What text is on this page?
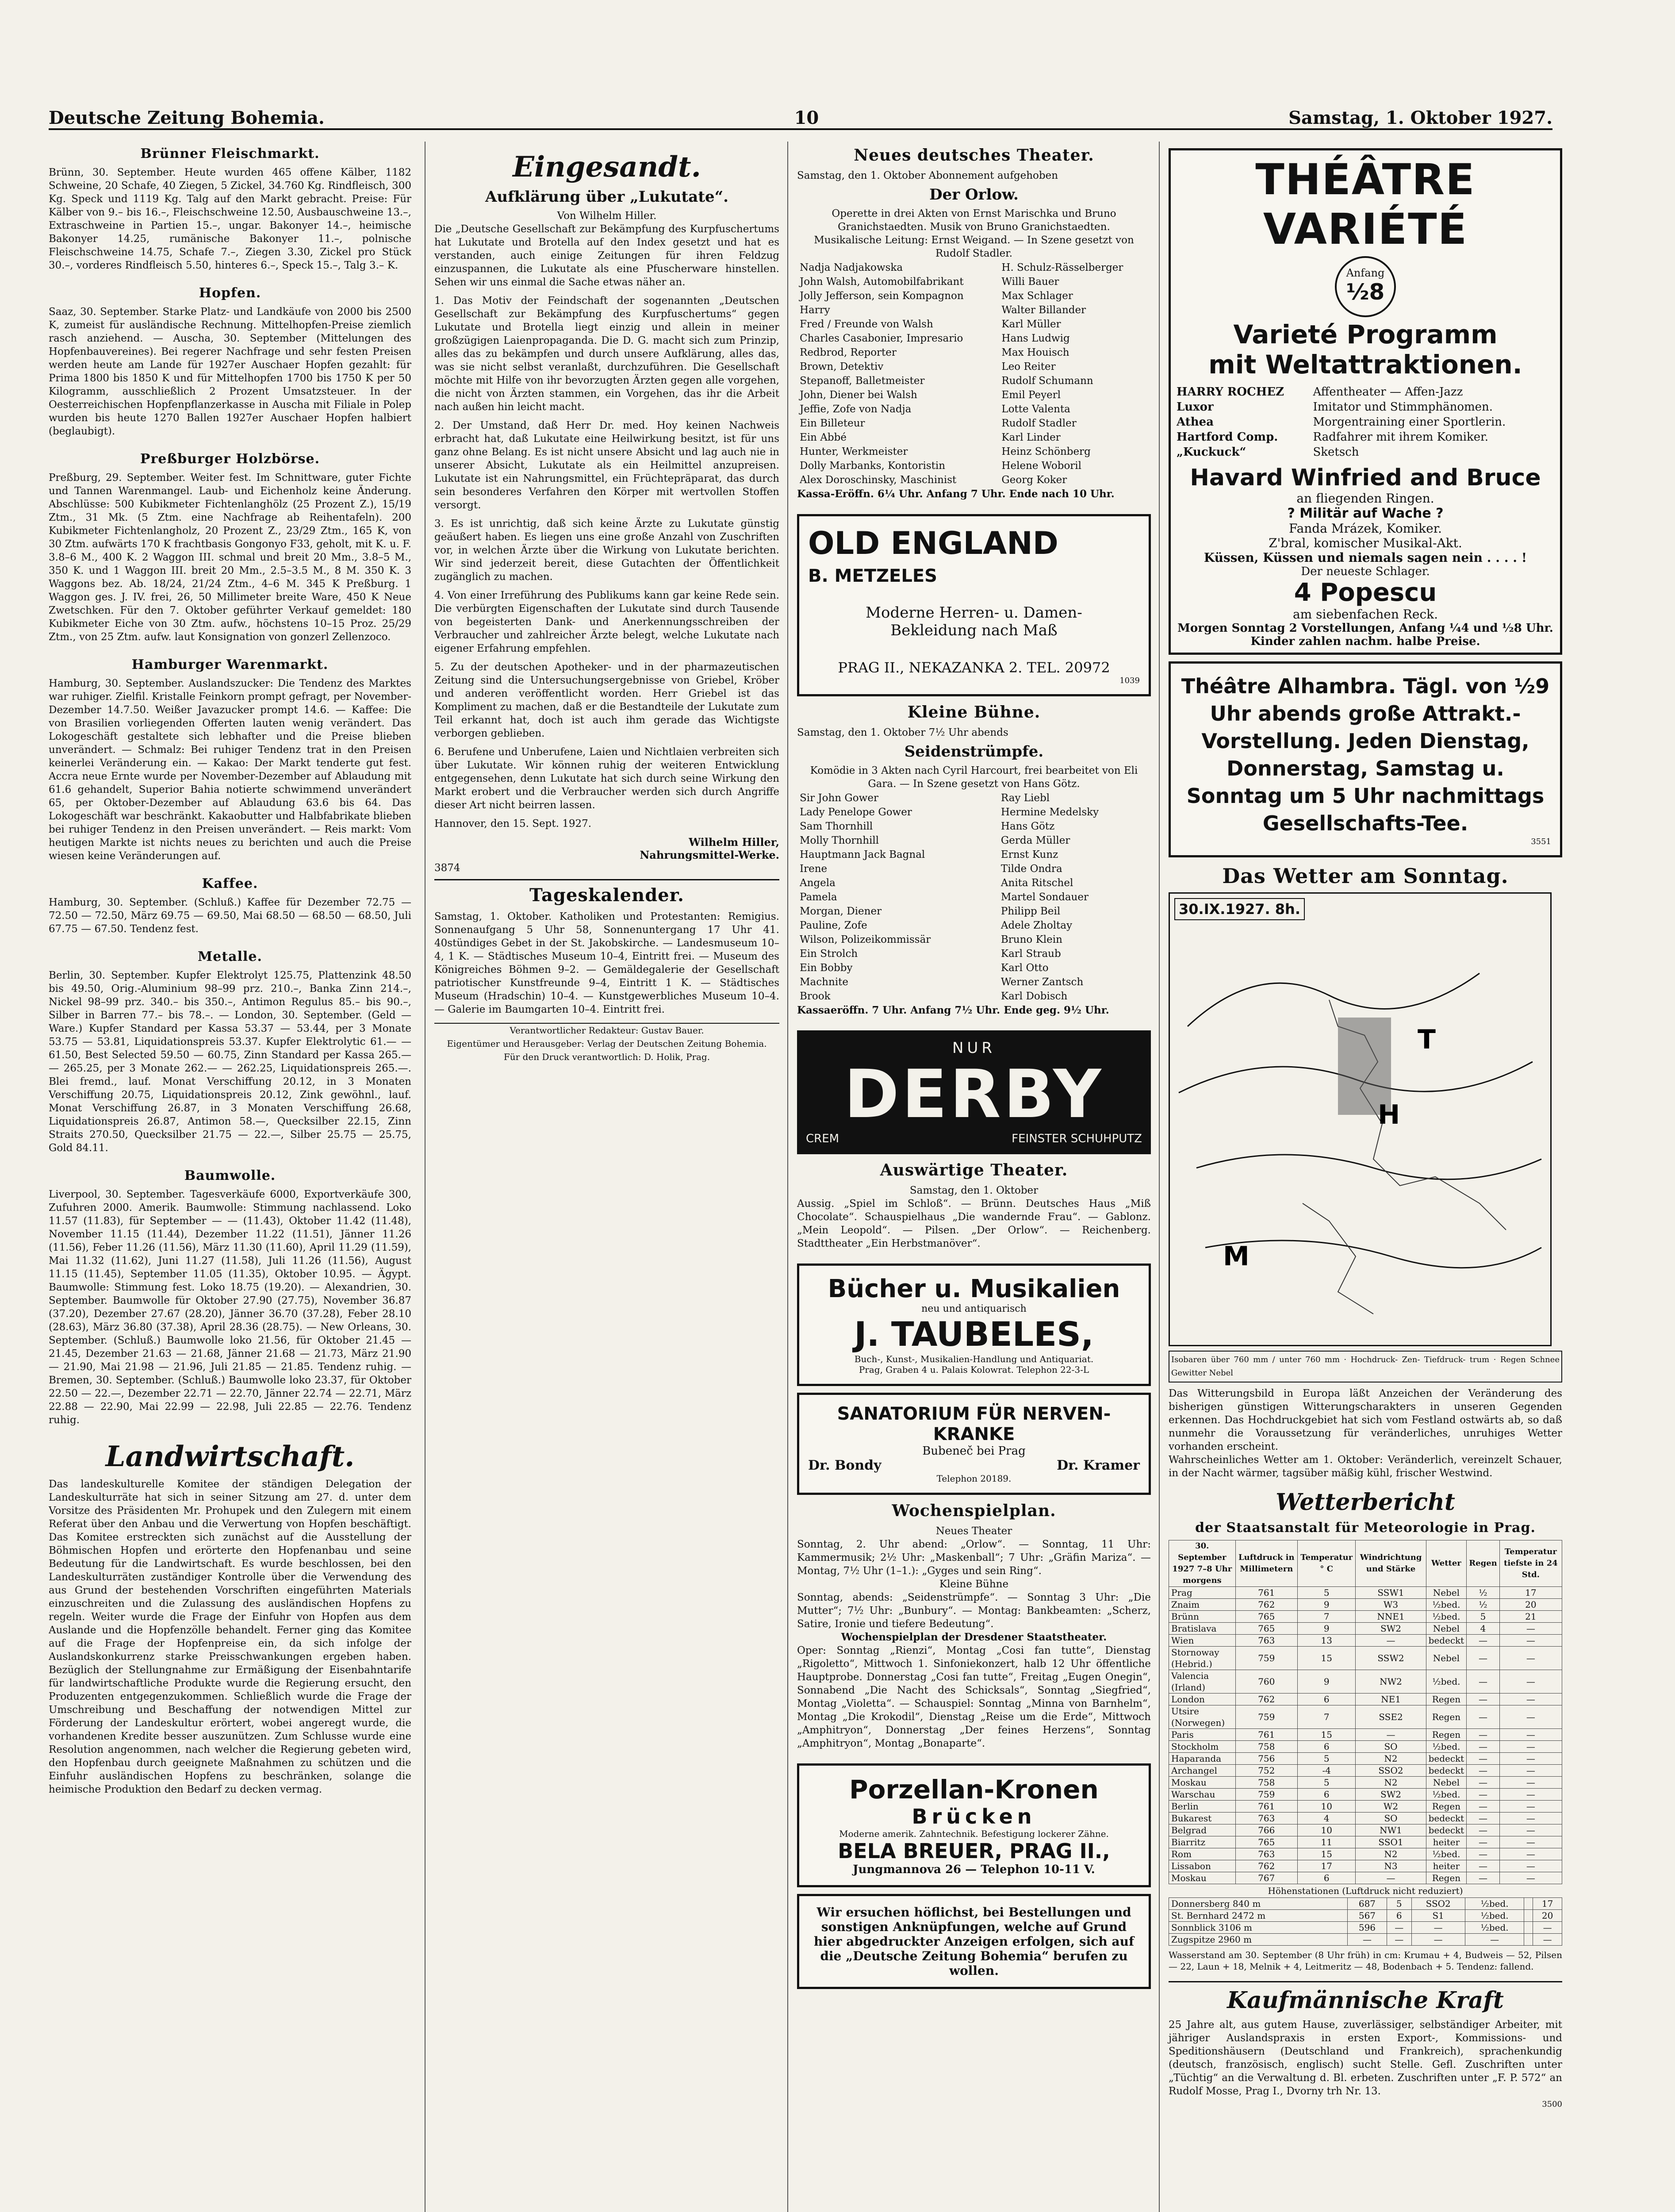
Deutsche Zeitung Bohemia.	10	Samstag, 1. Oktober 1927.
Brünner Fleischmarkt.
Brünn, 30. September. Heute wurden 465 offene Kälber, 1182 Schweine, 20 Schafe, 40 Ziegen, 5 Zickel, 34.760 Kg. Rindfleisch, 300 Kg. Speck und 1119 Kg. Talg auf den Markt gebracht. Preise: Für Kälber von 9.– bis 16.–, Fleischschweine 12.50, Ausbauschweine 13.–, Extraschweine in Partien 15.–, ungar. Bakonyer 14.–, heimische Bakonyer 14.25, rumänische Bakonyer 11.–, polnische Fleischschweine 14.75, Schafe 7.–, Ziegen 3.30, Zickel pro Stück 30.–, vorderes Rindfleisch 5.50, hinteres 6.–, Speck 15.–, Talg 3.– K.
Hopfen.
Saaz, 30. September. Starke Platz- und Landkäufe von 2000 bis 2500 K, zumeist für ausländische Rechnung. Mittelhopfen-Preise ziemlich rasch anziehend. — Auscha, 30. September (Mittelungen des Hopfenbauvereines). Bei regerer Nachfrage und sehr festen Preisen werden heute am Lande für 1927er Auschaer Hopfen gezahlt: für Prima 1800 bis 1850 K und für Mittelhopfen 1700 bis 1750 K per 50 Kilogramm, ausschließlich 2 Prozent Umsatzsteuer. In der Oesterreichischen Hopfenpflanzerkasse in Auscha mit Filiale in Polep wurden bis heute 1270 Ballen 1927er Auschaer Hopfen halbiert (beglaubigt).
Preßburger Holzbörse.
Preßburg, 29. September. Weiter fest. Im Schnittware, guter Fichte und Tannen Warenmangel. Laub- und Eichenholz keine Änderung. Abschlüsse: 500 Kubikmeter Fichtenlanghölz (25 Prozent Z.), 15/19 Ztm., 31 Mk. (5 Ztm. eine Nachfrage ab Reihentafeln). 200 Kubikmeter Fichtenlangholz, 20 Prozent Z., 23/29 Ztm., 165 K, von 30 Ztm. aufwärts 170 K frachtbasis Gongonyo F33, geholt, mit K. u. F. 3.8–6 M., 400 K. 2 Waggon III. schmal und breit 20 Mm., 3.8–5 M., 350 K. und 1 Waggon III. breit 20 Mm., 2.5–3.5 M., 8 M. 350 K. 3 Waggons bez. Ab. 18/24, 21/24 Ztm., 4–6 M. 345 K Preßburg. 1 Waggon ges. J. IV. frei, 26, 50 Millimeter breite Ware, 450 K Neue Zwetschken. Für den 7. Oktober geführter Verkauf gemeldet: 180 Kubikmeter Eiche von 30 Ztm. aufw., höchstens 10–15 Proz. 25/29 Ztm., von 25 Ztm. aufw. laut Konsignation von gonzerl Zellenzoco.
Hamburger Warenmarkt.
Hamburg, 30. September. Auslandszucker: Die Tendenz des Marktes war ruhiger. Zielfil. Kristalle Feinkorn prompt gefragt, per November-Dezember 14.7.50. Weißer Javazucker prompt 14.6. — Kaffee: Die von Brasilien vorliegenden Offerten lauten wenig verändert. Das Lokogeschäft gestaltete sich lebhafter und die Preise blieben unverändert. — Schmalz: Bei ruhiger Tendenz trat in den Preisen keinerlei Veränderung ein. — Kakao: Der Markt tenderte gut fest. Accra neue Ernte wurde per November-Dezember auf Ablaudung mit 61.6 gehandelt, Superior Bahia notierte schwimmend unverändert 65, per Oktober-Dezember auf Ablaudung 63.6 bis 64. Das Lokogeschäft war beschränkt. Kakaobutter und Halbfabrikate blieben bei ruhiger Tendenz in den Preisen unverändert. — Reis markt: Vom heutigen Markte ist nichts neues zu berichten und auch die Preise wiesen keine Veränderungen auf.
Kaffee.
Hamburg, 30. September. (Schluß.) Kaffee für Dezember 72.75 — 72.50 — 72.50, März 69.75 — 69.50, Mai 68.50 — 68.50 — 68.50, Juli 67.75 — 67.50. Tendenz fest.
Metalle.
Berlin, 30. September. Kupfer Elektrolyt 125.75, Plattenzink 48.50 bis 49.50, Orig.-Aluminium 98–99 prz. 210.–, Banka Zinn 214.–, Nickel 98–99 prz. 340.– bis 350.–, Antimon Regulus 85.– bis 90.–, Silber in Barren 77.– bis 78.–. — London, 30. September. (Geld — Ware.) Kupfer Standard per Kassa 53.37 — 53.44, per 3 Monate 53.75 — 53.81, Liquidationspreis 53.37. Kupfer Elektrolytic 61.— — 61.50, Best Selected 59.50 — 60.75, Zinn Standard per Kassa 265.— — 265.25, per 3 Monate 262.— — 262.25, Liquidationspreis 265.—. Blei fremd., lauf. Monat Verschiffung 20.12, in 3 Monaten Verschiffung 20.75, Liquidationspreis 20.12, Zink gewöhnl., lauf. Monat Verschiffung 26.87, in 3 Monaten Verschiffung 26.68, Liquidationspreis 26.87, Antimon 58.—, Quecksilber 22.15, Zinn Straits 270.50, Quecksilber 21.75 — 22.—, Silber 25.75 — 25.75, Gold 84.11.
Baumwolle.
Liverpool, 30. September. Tagesverkäufe 6000, Exportverkäufe 300, Zufuhren 2000. Amerik. Baumwolle: Stimmung nachlassend. Loko 11.57 (11.83), für September — — (11.43), Oktober 11.42 (11.48), November 11.15 (11.44), Dezember 11.22 (11.51), Jänner 11.26 (11.56), Feber 11.26 (11.56), März 11.30 (11.60), April 11.29 (11.59), Mai 11.32 (11.62), Juni 11.27 (11.58), Juli 11.26 (11.56), August 11.15 (11.45), September 11.05 (11.35), Oktober 10.95. — Ägypt. Baumwolle: Stimmung fest. Loko 18.75 (19.20). — Alexandrien, 30. September. Baumwolle für Oktober 27.90 (27.75), November 36.87 (37.20), Dezember 27.67 (28.20), Jänner 36.70 (37.28), Feber 28.10 (28.63), März 36.80 (37.38), April 28.36 (28.75). — New Orleans, 30. September. (Schluß.) Baumwolle loko 21.56, für Oktober 21.45 — 21.45, Dezember 21.63 — 21.68, Jänner 21.68 — 21.73, März 21.90 — 21.90, Mai 21.98 — 21.96, Juli 21.85 — 21.85. Tendenz ruhig. — Bremen, 30. September. (Schluß.) Baumwolle loko 23.37, für Oktober 22.50 — 22.—, Dezember 22.71 — 22.70, Jänner 22.74 — 22.71, März 22.88 — 22.90, Mai 22.99 — 22.98, Juli 22.85 — 22.76. Tendenz ruhig.
Landwirtschaft.
Das landeskulturelle Komitee der ständigen Delegation der Landeskulturräte hat sich in seiner Sitzung am 27. d. unter dem Vorsitze des Präsidenten Mr. Prohupek und den Zulegern mit einem Referat über den Anbau und die Verwertung von Hopfen beschäftigt. Das Komitee erstreckten sich zunächst auf die Ausstellung der Böhmischen Hopfen und erörterte den Hopfenanbau und seine Bedeutung für die Landwirtschaft. Es wurde beschlossen, bei den Landeskulturräten zuständiger Kontrolle über die Verwendung des aus Grund der bestehenden Vorschriften eingeführten Materials einzuschreiten und die Zulassung des ausländischen Hopfens zu regeln. Weiter wurde die Frage der Einfuhr von Hopfen aus dem Auslande und die Hopfenzölle behandelt. Ferner ging das Komitee auf die Frage der Hopfenpreise ein, da sich infolge der Auslandskonkurrenz starke Preisschwankungen ergeben haben. Bezüglich der Stellungnahme zur Ermäßigung der Eisenbahntarife für landwirtschaftliche Produkte wurde die Regierung ersucht, den Produzenten entgegenzukommen. Schließlich wurde die Frage der Umschreibung und Beschaffung der notwendigen Mittel zur Förderung der Landeskultur erörtert, wobei angeregt wurde, die vorhandenen Kredite besser auszunützen. Zum Schlusse wurde eine Resolution angenommen, nach welcher die Regierung gebeten wird, den Hopfenbau durch geeignete Maßnahmen zu schützen und die Einfuhr ausländischen Hopfens zu beschränken, solange die heimische Produktion den Bedarf zu decken vermag.
Eingesandt.
Aufklärung über „Lukutate“.
Von Wilhelm Hiller.

Die „Deutsche Gesellschaft zur Bekämpfung des Kurpfuschertums hat Lukutate und Brotella auf den Index gesetzt und hat es verstanden, auch einige Zeitungen für ihren Feldzug einzuspannen, die Lukutate als eine Pfuscherware hinstellen. Sehen wir uns einmal die Sache etwas näher an.

1. Das Motiv der Feindschaft der sogenannten „Deutschen Gesellschaft zur Bekämpfung des Kurpfuschertums“ gegen Lukutate und Brotella liegt einzig und allein in meiner großzügigen Laienpropaganda. Die D. G. macht sich zum Prinzip, alles das zu bekämpfen und durch unsere Aufklärung, alles das, was sie nicht selbst veranlaßt, durchzuführen. Die Gesellschaft möchte mit Hilfe von ihr bevorzugten Ärzten gegen alle vorgehen, die nicht von Ärzten stammen, ein Vorgehen, das ihr die Arbeit nach außen hin leicht macht.

2. Der Umstand, daß Herr Dr. med. Hoy keinen Nachweis erbracht hat, daß Lukutate eine Heilwirkung besitzt, ist für uns ganz ohne Belang. Es ist nicht unsere Absicht und lag auch nie in unserer Absicht, Lukutate als ein Heilmittel anzupreisen. Lukutate ist ein Nahrungsmittel, ein Früchtepräparat, das durch sein besonderes Verfahren den Körper mit wertvollen Stoffen versorgt.

3. Es ist unrichtig, daß sich keine Ärzte zu Lukutate günstig geäußert haben. Es liegen uns eine große Anzahl von Zuschriften vor, in welchen Ärzte über die Wirkung von Lukutate berichten. Wir sind jederzeit bereit, diese Gutachten der Öffentlichkeit zugänglich zu machen.

4. Von einer Irreführung des Publikums kann gar keine Rede sein. Die verbürgten Eigenschaften der Lukutate sind durch Tausende von begeisterten Dank- und Anerkennungsschreiben der Verbraucher und zahlreicher Ärzte belegt, welche Lukutate nach eigener Erfahrung empfehlen.

5. Zu der deutschen Apotheker- und in der pharmazeutischen Zeitung sind die Untersuchungsergebnisse von Griebel, Kröber und anderen veröffentlicht worden. Herr Griebel ist das Kompliment zu machen, daß er die Bestandteile der Lukutate zum Teil erkannt hat, doch ist auch ihm gerade das Wichtigste verborgen geblieben.

6. Berufene und Unberufene, Laien und Nichtlaien verbreiten sich über Lukutate. Wir können ruhig der weiteren Entwicklung entgegensehen, denn Lukutate hat sich durch seine Wirkung den Markt erobert und die Verbraucher werden sich durch Angriffe dieser Art nicht beirren lassen.

Hannover, den 15. Sept. 1927.

Wilhelm Hiller,
Nahrungsmittel-Werke.
3874
Tageskalender.
Samstag, 1. Oktober. Katholiken und Protestanten: Remigius. Sonnenaufgang 5 Uhr 58, Sonnenuntergang 17 Uhr 41. 40stündiges Gebet in der St. Jakobskirche. — Landesmuseum 10–4, 1 K. — Städtisches Museum 10–4, Eintritt frei. — Museum des Königreiches Böhmen 9–2. — Gemäldegalerie der Gesellschaft patriotischer Kunstfreunde 9–4, Eintritt 1 K. — Städtisches Museum (Hradschin) 10–4. — Kunstgewerbliches Museum 10–4. — Galerie im Baumgarten 10–4. Eintritt frei.
Verantwortlicher Redakteur: Gustav Bauer.
Eigentümer und Herausgeber: Verlag der Deutschen Zeitung Bohemia.
Für den Druck verantwortlich: D. Holik, Prag.
Neues deutsches Theater.
Samstag, den 1. Oktober Abonnement aufgehoben
Der Orlow.
Operette in drei Akten von Ernst Marischka und Bruno Granichstaedten. Musik von Bruno Granichstaedten.
Musikalische Leitung: Ernst Weigand. — In Szene gesetzt von Rudolf Stadler.
Nadja Nadjakowska	H. Schulz-Rässelberger
John Walsh, Automobilfabrikant	Willi Bauer
Jolly Jefferson, sein Kompagnon	Max Schlager
Harry	Walter Billander
Fred / Freunde von Walsh	Karl Müller
Charles Casabonier, Impresario	Hans Ludwig
Redbrod, Reporter	Max Houisch
Brown, Detektiv	Leo Reiter
Stepanoff, Balletmeister	Rudolf Schumann
John, Diener bei Walsh	Emil Peyerl
Jeffie, Zofe von Nadja	Lotte Valenta
Ein Billeteur	Rudolf Stadler
Ein Abbé	Karl Linder
Hunter, Werkmeister	Heinz Schönberg
Dolly Marbanks, Kontoristin	Helene Woboril
Alex Doroschinsky, Maschinist	Georg Koker
Kassa-Eröffn. 6¼ Uhr. Anfang 7 Uhr. Ende nach 10 Uhr.
OLD ENGLAND
B. METZELES
Moderne Herren- u. Damen-
Bekleidung nach Maß
PRAG II., NEKAZANKA 2. TEL. 20972
1039
Kleine Bühne.
Samstag, den 1. Oktober 7½ Uhr abends
Seidenstrümpfe.
Komödie in 3 Akten nach Cyril Harcourt, frei bearbeitet von Eli Gara. — In Szene gesetzt von Hans Götz.
Sir John Gower	Ray Liebl
Lady Penelope Gower	Hermine Medelsky
Sam Thornhill	Hans Götz
Molly Thornhill	Gerda Müller
Hauptmann Jack Bagnal	Ernst Kunz
Irene	Tilde Ondra
Angela	Anita Ritschel
Pamela	Martel Sondauer
Morgan, Diener	Philipp Beil
Pauline, Zofe	Adele Zholtay
Wilson, Polizeikommissär	Bruno Klein
Ein Strolch	Karl Straub
Ein Bobby	Karl Otto
Machnite	Werner Zantsch
Brook	Karl Dobisch
Kassaeröffn. 7 Uhr. Anfang 7½ Uhr. Ende geg. 9½ Uhr.
NUR
DERBY
CREM	FEINSTER SCHUHPUTZ
Auswärtige Theater.
Samstag, den 1. Oktober
Aussig. „Spiel im Schloß“. — Brünn. Deutsches Haus „Miß Chocolate“. Schauspielhaus „Die wandernde Frau“. — Gablonz. „Mein Leopold“. — Pilsen. „Der Orlow“. — Reichenberg. Stadttheater „Ein Herbstmanöver“.
Bücher u. Musikalien
neu und antiquarisch
J. TAUBELES,
Buch-, Kunst-, Musikalien-Handlung und Antiquariat.
Prag, Graben 4 u. Palais Kolowrat. Telephon 22-3-L
SANATORIUM FÜR NERVEN-KRANKE
Bubeneč bei Prag
Dr. Bondy	Dr. Kramer
Telephon 20189.
Wochenspielplan.
Neues Theater
Sonntag, 2. Uhr abend: „Orlow“. — Sonntag, 11 Uhr: Kammermusik; 2½ Uhr: „Maskenball“; 7 Uhr: „Gräfin Mariza“. — Montag, 7½ Uhr (1–1.): „Gyges und sein Ring“.
Kleine Bühne
Sonntag, abends: „Seidenstrümpfe“. — Sonntag 3 Uhr: „Die Mutter“; 7½ Uhr: „Bunbury“. — Montag: Bankbeamten: „Scherz, Satire, Ironie und tiefere Bedeutung“.
Wochenspielplan der Dresdener Staatstheater.
Oper: Sonntag „Rienzi“, Montag „Cosi fan tutte“, Dienstag „Rigoletto“, Mittwoch 1. Sinfoniekonzert, halb 12 Uhr öffentliche Hauptprobe. Donnerstag „Cosi fan tutte“, Freitag „Eugen Onegin“, Sonnabend „Die Nacht des Schicksals“, Sonntag „Siegfried“, Montag „Violetta“. — Schauspiel: Sonntag „Minna von Barnhelm“, Montag „Die Krokodil“, Dienstag „Reise um die Erde“, Mittwoch „Amphitryon“, Donnerstag „Der feines Herzens“, Sonntag „Amphitryon“, Montag „Bonaparte“.
Porzellan-Kronen
Brücken
Moderne amerik. Zahntechnik. Befestigung lockerer Zähne.
BELA BREUER, PRAG II.,
Jungmannova 26 — Telephon 10-11 V.
Wir ersuchen höflichst, bei Bestellungen und sonstigen Anknüpfungen, welche auf Grund hier abgedruckter Anzeigen erfolgen, sich auf die „Deutsche Zeitung Bohemia“ berufen zu wollen.
THÉÂTRE VARIÉTÉ
Anfang
½8
Varieté Programm
mit Weltattraktionen.
HARRY ROCHEZ	Affentheater — Affen-Jazz
Luxor	Imitator und Stimmphänomen.
Athea	Morgentraining einer Sportlerin.
Hartford Comp.	Radfahrer mit ihrem Komiker.
„Kuckuck“	Sketsch
Havard Winfried and Bruce
an fliegenden Ringen.
? Militär auf Wache ?
Fanda Mrázek, Komiker.
Z'bral, komischer Musikal-Akt.
Küssen, Küssen und niemals sagen nein . . . . !
Der neueste Schlager.
4 Popescu
am siebenfachen Reck.
Morgen Sonntag 2 Vorstellungen, Anfang ¼4 und ½8 Uhr. Kinder zahlen nachm. halbe Preise.
Théâtre Alhambra. Tägl. von ½9 Uhr abends große Attrakt.-Vorstellung. Jeden Dienstag, Donnerstag, Samstag u. Sonntag um 5 Uhr nachmittags Gesellschafts-Tee.
3551
Das Wetter am Sonntag.
H
M
T
30.IX.1927. 8h.
Isobaren über 760 mm / unter 760 mm · Hochdruck- Zen- Tiefdruck- trum · Regen Schnee Gewitter Nebel
Das Witterungsbild in Europa läßt Anzeichen der Veränderung des bisherigen günstigen Witterungscharakters in unseren Gegenden erkennen. Das Hochdruckgebiet hat sich vom Festland ostwärts ab, so daß nunmehr die Voraussetzung für veränderliches, unruhiges Wetter vorhanden erscheint.
Wahrscheinliches Wetter am 1. Oktober: Veränderlich, vereinzelt Schauer, in der Nacht wärmer, tagsüber mäßig kühl, frischer Westwind.
Wetterbericht
der Staatsanstalt für Meteorologie in Prag.
30. September 1927 7–8 Uhr morgens	Luftdruck in Millimetern	Temperatur ° C	Windrichtung und Stärke	Wetter	Regen	Temperatur tiefste in 24 Std.
Prag	761	5	SSW1	Nebel	½	17
Znaim	762	9	W3	½bed.	½	20
Brünn	765	7	NNE1	½bed.	5	21
Bratislava	765	9	SW2	Nebel	4	—
Wien	763	13	—	bedeckt	—	—
Stornoway (Hebrid.)	759	15	SSW2	Nebel	—	—
Valencia (Irland)	760	9	NW2	½bed.	—	—
London	762	6	NE1	Regen	—	—
Utsire (Norwegen)	759	7	SSE2	Regen	—	—
Paris	761	15	—	Regen	—	—
Stockholm	758	6	SO	½bed.	—	—
Haparanda	756	5	N2	bedeckt	—	—
Archangel	752	-4	SSO2	bedeckt	—	—
Moskau	758	5	N2	Nebel	—	—
Warschau	759	6	SW2	½bed.	—	—
Berlin	761	10	W2	Regen	—	—
Bukarest	763	4	SO	bedeckt	—	—
Belgrad	766	10	NW1	bedeckt	—	—
Biarritz	765	11	SSO1	heiter	—	—
Rom	763	15	N2	½bed.	—	—
Lissabon	762	17	N3	heiter	—	—
Moskau	767	6	—	Regen	—	—
Höhenstationen (Luftdruck nicht reduziert)
Donnersberg 840 m	687	5	SSO2	½bed.		17
St. Bernhard 2472 m	567	6	S1	½bed.		20
Sonnblick 3106 m	596	—	—	½bed.		—
Zugspitze 2960 m	—	—	—	—		—
Wasserstand am 30. September (8 Uhr früh) in cm: Krumau + 4, Budweis — 52, Pilsen — 22, Laun + 18, Melnik + 4, Leitmeritz — 48, Bodenbach + 5. Tendenz: fallend.
Kaufmännische Kraft
25 Jahre alt, aus gutem Hause, zuverlässiger, selbständiger Arbeiter, mit jähriger Auslandspraxis in ersten Export-, Kommissions- und Speditionshäusern (Deutschland und Frankreich), sprachenkundig (deutsch, französisch, englisch) sucht Stelle. Gefl. Zuschriften unter „Tüchtig“ an die Verwaltung d. Bl. erbeten. Zuschriften unter „F. P. 572“ an Rudolf Mosse, Prag I., Dvorny trh Nr. 13.
3500
